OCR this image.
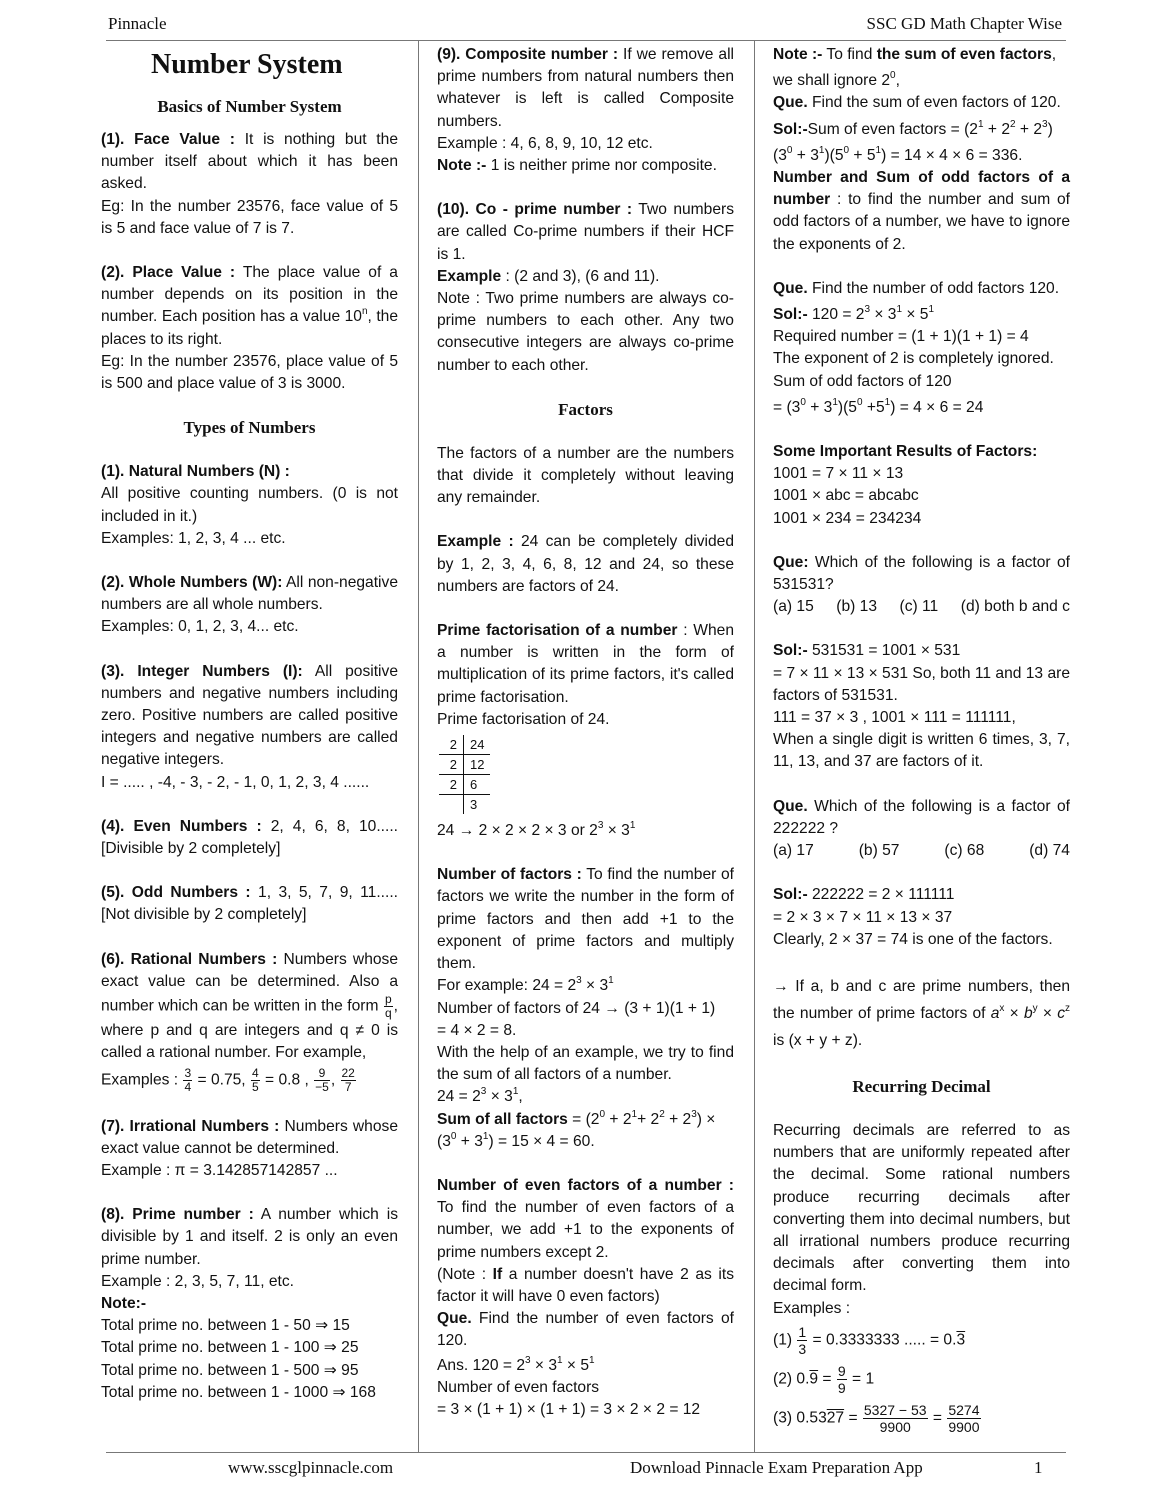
Pinnacle	SSC GD Math Chapter Wise
Number System
Basics of Number System

(1). Face Value : It is nothing but the number itself about which it has been asked.

Eg: In the number 23576, face value of 5 is 5 and face value of 7 is 7.

(2). Place Value : The place value of a number depends on its position in the number. Each position has a value 10$^n$, the places to its right.

Eg: In the number 23576, place value of 5 is 500 and place value of 3 is 3000.

Types of Numbers

(1). Natural Numbers (N) :

All positive counting numbers. (0 is not included in it.)

Examples: 1, 2, 3, 4 ... etc.

(2). Whole Numbers (W): All non-negative numbers are all whole numbers.

Examples: 0, 1, 2, 3, 4... etc.

(3). Integer Numbers (I): All positive numbers and negative numbers including zero. Positive numbers are called positive integers and negative numbers are called negative integers.

I = ..... , -4, - 3, - 2, - 1, 0, 1, 2, 3, 4 ......

(4). Even Numbers : 2, 4, 6, 8, 10..... [Divisible by 2 completely]

(5). Odd Numbers : 1, 3, 5, 7, 9, 11..... [Not divisible by 2 completely]

(6). Rational Numbers : Numbers whose exact value can be determined. Also a number which can be written in the form $\frac{p}{q}$ , where p and q are integers and q ≠ 0 is called a rational number. For example,

Examples : $\frac{3}{4} = 0.75$, $\frac{4}{5} = 0.8$ , $\frac{9}{-5}$ , $\frac{22}{7}$

(7). Irrational Numbers : Numbers whose exact value cannot be determined.

Example : π = 3.142857142857 ...

(8). Prime number : A number which is divisible by 1 and itself. 2 is only an even prime number.

Example : 2, 3, 5, 7, 11, etc.

Note:-

Total prime no. between 1 - 50 ⇒ 15

Total prime no. between 1 - 100 ⇒ 25

Total prime no. between 1 - 500 ⇒ 95

Total prime no. between 1 - 1000 ⇒ 168

(9). Composite number : If we remove all prime numbers from natural numbers then whatever is left is called Composite numbers.

Example : 4, 6, 8, 9, 10, 12 etc.

Note :- 1 is neither prime nor composite.

(10). Co - prime number : Two numbers are called Co-prime numbers if their HCF is 1.

Example : (2 and 3), (6 and 11).

Note : Two prime numbers are always co-prime numbers to each other. Any two consecutive integers are always co-prime number to each other.

Factors

The factors of a number are the numbers that divide it completely without leaving any remainder.

Example : 24 can be completely divided by 1, 2, 3, 4, 6, 8, 12 and 24, so these numbers are factors of 24.

Prime factorisation of a number : When a number is written in the form of multiplication of its prime factors, it's called prime factorisation.

Prime factorisation of 24.

2	24
2	12
2	6
	3

24 → 2 × 2 × 2 × 3 or $2^3 \times 3^1$

Number of factors : To find the number of factors we write the number in the form of prime factors and then add +1 to the exponent of prime factors and multiply them.

For example: $24 = 2^3 \times 3^1$

Number of factors of 24 → (3 + 1)(1 + 1)

= 4 × 2 = 8.

With the help of an example, we try to find the sum of all factors of a number.

$24 = 2^3 \times 3^1$,

Sum of all factors = $(2^0 + 2^1+ 2^2 + 2^3)$ ×

$(3^0 + 3^1) = 15 \times 4 = 60$.

Number of even factors of a number : To find the number of even factors of a number, we add +1 to the exponents of prime numbers except 2.

(Note : If a number doesn't have 2 as its factor it will have 0 even factors)

Que. Find the number of even factors of 120.

Ans. $120 = 2^3 \times 3^1 \times 5^1$

Number of even factors

= 3 × (1 + 1) × (1 + 1) = 3 × 2 × 2 = 12

Note :- To find the sum of even factors,

we shall ignore $2^0$,

Que. Find the sum of even factors of 120.

Sol:-Sum of even factors = $(2^1 + 2^2 + 2^3)$

$(3^0 + 3^1)(5^0 + 5^1) = 14 \times 4 \times 6 = 336$.

Number and Sum of odd factors of a number : to find the number and sum of odd factors of a number, we have to ignore the exponents of 2.

Que. Find the number of odd factors 120.

Sol:- $120 = 2^3 \times 3^1 \times 5^1$

Required number = (1 + 1)(1 + 1) = 4

The exponent of 2 is completely ignored.

Sum of odd factors of 120

= $(3^0 + 3^1)(5^0 +5^1) = 4 \times 6 = 24$

Some Important Results of Factors:

1001 = 7 × 11 × 13

1001 × abc = abcabc

1001 × 234 = 234234

Que: Which of the following is a factor of 531531?

(a) 15 (b) 13 (c) 11 (d) both b and c

Sol:- 531531 = 1001 × 531

= 7 × 11 × 13 × 531 So, both 11 and 13 are factors of 531531.

111 = 37 × 3 , 1001 × 111 = 111111,

When a single digit is written 6 times, 3, 7, 11, 13, and 37 are factors of it.

Que. Which of the following is a factor of 222222 ?

(a) 17	(b) 57	(c) 68	(d) 74

Sol:- 222222 = 2 × 111111

= 2 × 3 × 7 × 11 × 13 × 37

Clearly, 2 × 37 = 74 is one of the factors.

→ If a, b and c are prime numbers, then the number of prime factors of $a^x \times b^y \times c^z$ is (x + y + z).

Recurring Decimal

Recurring decimals are referred to as numbers that are uniformly repeated after the decimal. Some rational numbers produce recurring decimals after converting them into decimal numbers, but all irrational numbers produce recurring decimals after converting them into decimal form.

Examples :

$(1) \frac{1}{3} = 0.3333333$ ..... = 0.3

(2) $0.9 = \frac{9}{9} = 1$

(3) $0.5327 = \frac{5327 - 53}{9900} = \frac{5274}{9900}$

www.sscglpinnacle.com	Download Pinnacle Exam Preparation App	1
